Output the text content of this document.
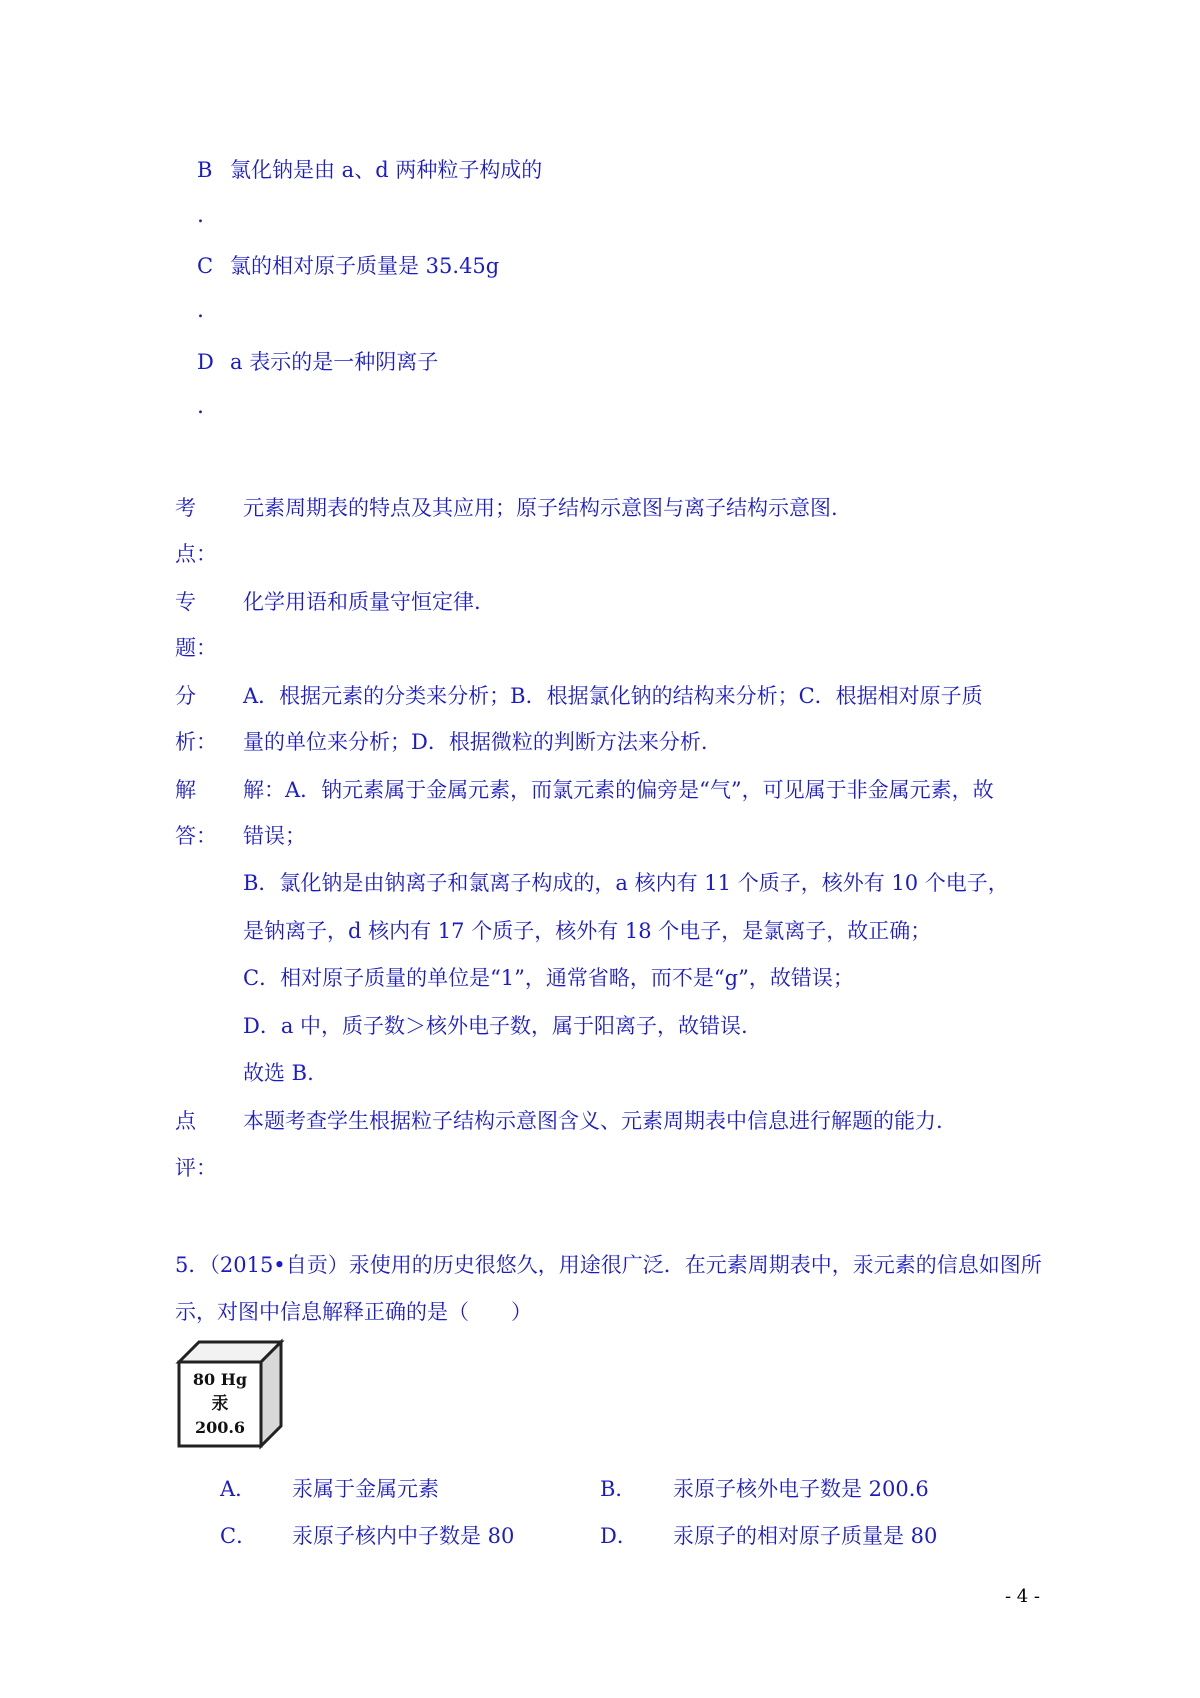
B 氯化钠是由 a、d 两种粒子构成的
.
C 氯的相对原子质量是 35.45g
.
D a 表示的是一种阴离子
.
考
点：
元素周期表的特点及其应用；原子结构示意图与离子结构示意图.
专
题：
化学用语和质量守恒定律.
分
析：
A．根据元素的分类来分析；B．根据氯化钠的结构来分析；C．根据相对原子质
量的单位来分析；D．根据微粒的判断方法来分析.
解
答：
解：A．钠元素属于金属元素，而氯元素的偏旁是“气”，可见属于非金属元素，故
错误；
B．氯化钠是由钠离子和氯离子构成的，a 核内有 11 个质子，核外有 10 个电子，
是钠离子，d 核内有 17 个质子，核外有 18 个电子，是氯离子，故正确；
C．相对原子质量的单位是“1”，通常省略，而不是“g”，故错误；
D．a 中，质子数＞核外电子数，属于阳离子，故错误.
故选 B.
点
评：
本题考查学生根据粒子结构示意图含义、元素周期表中信息进行解题的能力.
5．（2015•自贡）汞使用的历史很悠久，用途很广泛．在元素周期表中，汞元素的信息如图所
示，对图中信息解释正确的是（　　）
80 Hg
汞
200.6
A． 汞属于金属元素	B． 汞原子核外电子数是 200.6
C． 汞原子核内中子数是 80	D． 汞原子的相对原子质量是 80
- 4 -
